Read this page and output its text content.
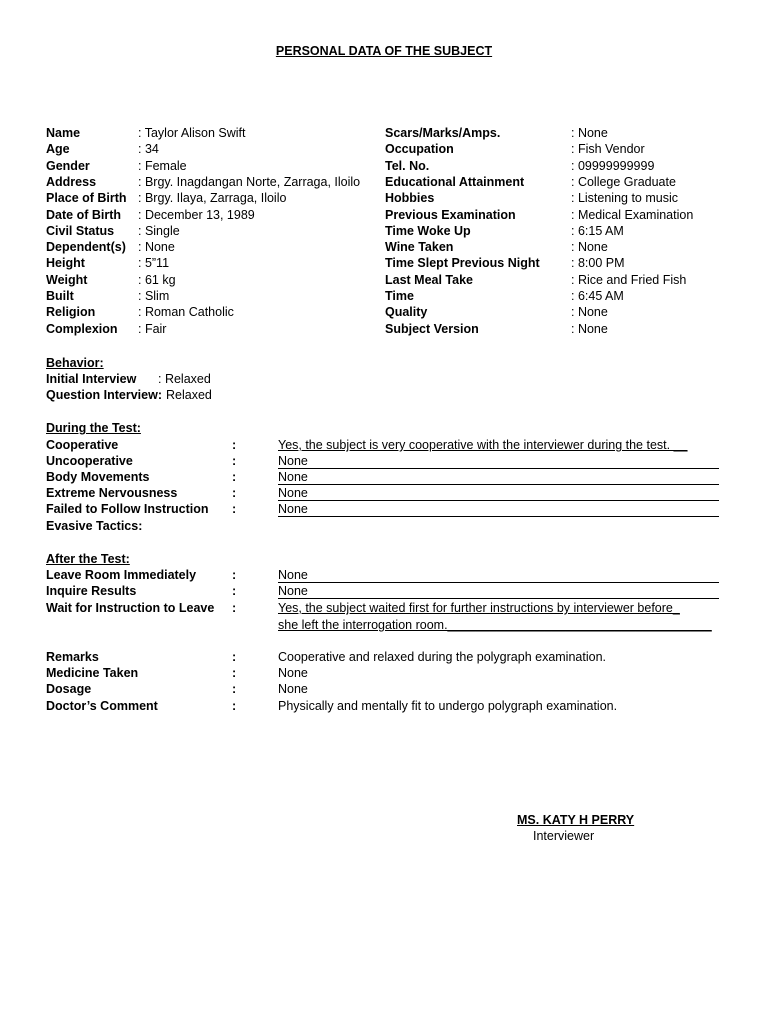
PERSONAL DATA OF THE SUBJECT
Name	: Taylor Alison Swift
Age	: 34
Gender	: Female
Address	: Brgy. Inagdangan Norte, Zarraga, Iloilo
Place of Birth : Brgy. Ilaya, Zarraga, Iloilo
Date of Birth : December 13, 1989
Civil Status : Single
Dependent(s) : None
Height	: 5”11
Weight	: 61 kg
Built	: Slim
Religion	: Roman Catholic
Complexion : Fair
Scars/Marks/Amps.	: None
Occupation	: Fish Vendor
Tel. No.	: 09999999999
Educational Attainment	: College Graduate
Hobbies	: Listening to music
Previous Examination	: Medical Examination
Time Woke Up	: 6:15 AM
Wine Taken	: None
Time Slept Previous Night	: 8:00 PM
Last Meal Take	: Rice and Fried Fish
Time	: 6:45 AM
Quality	: None
Subject Version	: None
Behavior:
Initial Interview : Relaxed
Question Interview: Relaxed
During the Test:
Cooperative	:	Yes, the subject is very cooperative with the interviewer during the test. __
Uncooperative	:	None
Body Movements	:	None
Extreme Nervousness	:	None
Failed to Follow Instruction :	None
Evasive Tactics:
After the Test:
Leave Room Immediately	:	None
Inquire Results	:	None
Wait for Instruction to Leave :	Yes, the subject waited first for further instructions by interviewer before_
she left the interrogation room.______________________________________
Remarks	:	Cooperative and relaxed during the polygraph examination.
Medicine Taken	:	None
Dosage	:	None
Doctor’s Comment	:	Physically and mentally fit to undergo polygraph examination.
MS. KATY H PERRY
Interviewer
